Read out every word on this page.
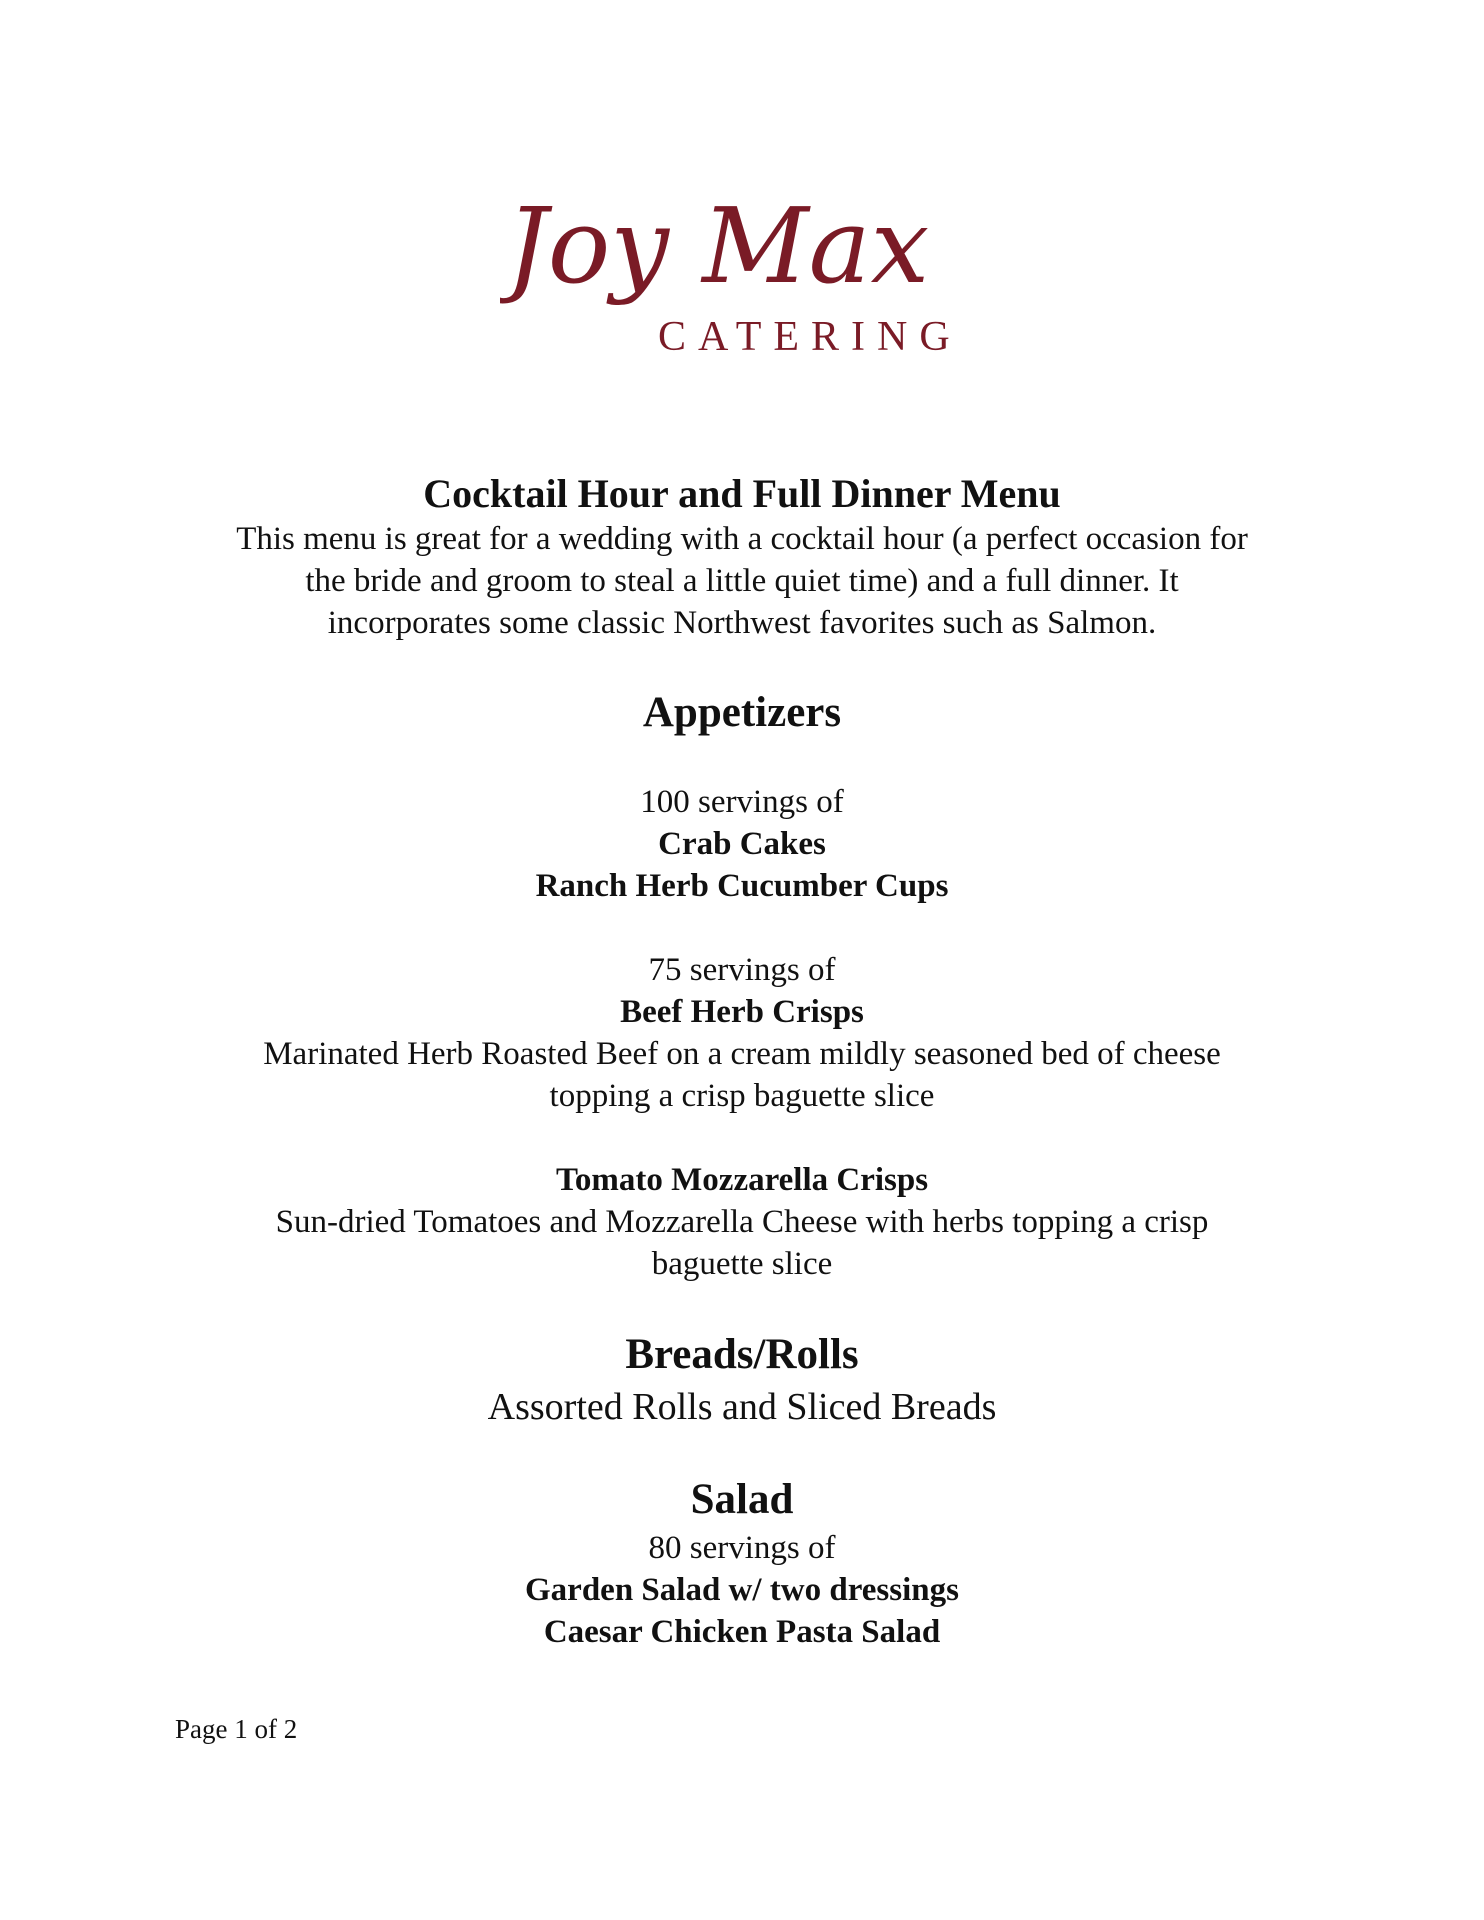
Joy Max
CATERING
Cocktail Hour and Full Dinner Menu
This menu is great for a wedding with a cocktail hour (a perfect occasion for
the bride and groom to steal a little quiet time) and a full dinner. It
incorporates some classic Northwest favorites such as Salmon.
Appetizers
100 servings of
Crab Cakes
Ranch Herb Cucumber Cups
75 servings of
Beef Herb Crisps
Marinated Herb Roasted Beef on a cream mildly seasoned bed of cheese
topping a crisp baguette slice
Tomato Mozzarella Crisps
Sun-dried Tomatoes and Mozzarella Cheese with herbs topping a crisp
baguette slice
Breads/Rolls
Assorted Rolls and Sliced Breads
Salad
80 servings of
Garden Salad w/ two dressings
Caesar Chicken Pasta Salad
Page 1 of 2
